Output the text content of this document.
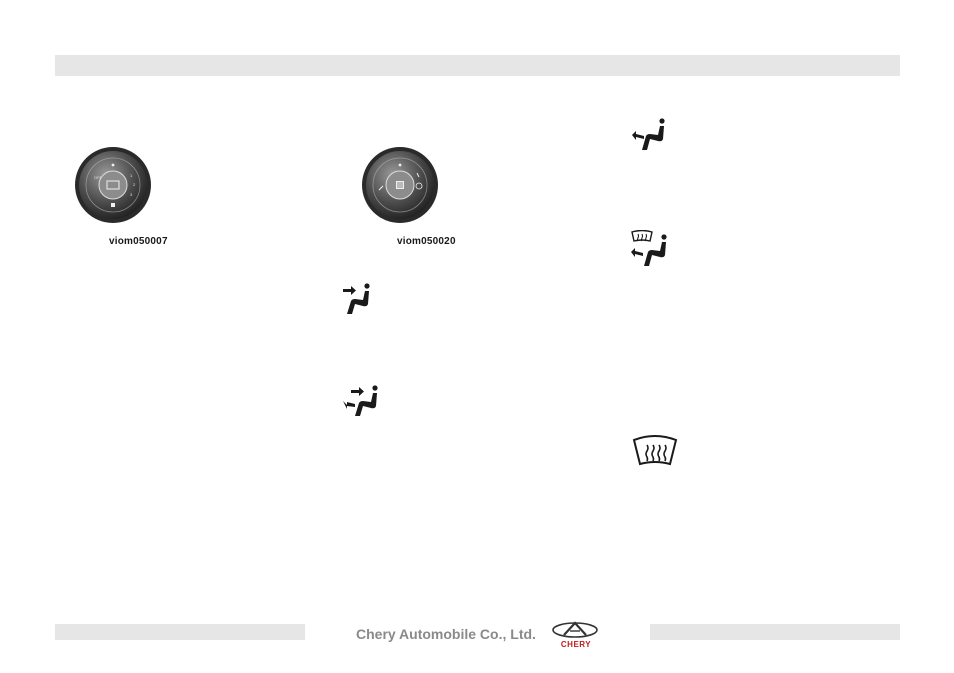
OFF	1
2
3
viom050007	viom050020
Chery Automobile Co., Ltd.
CHERY
